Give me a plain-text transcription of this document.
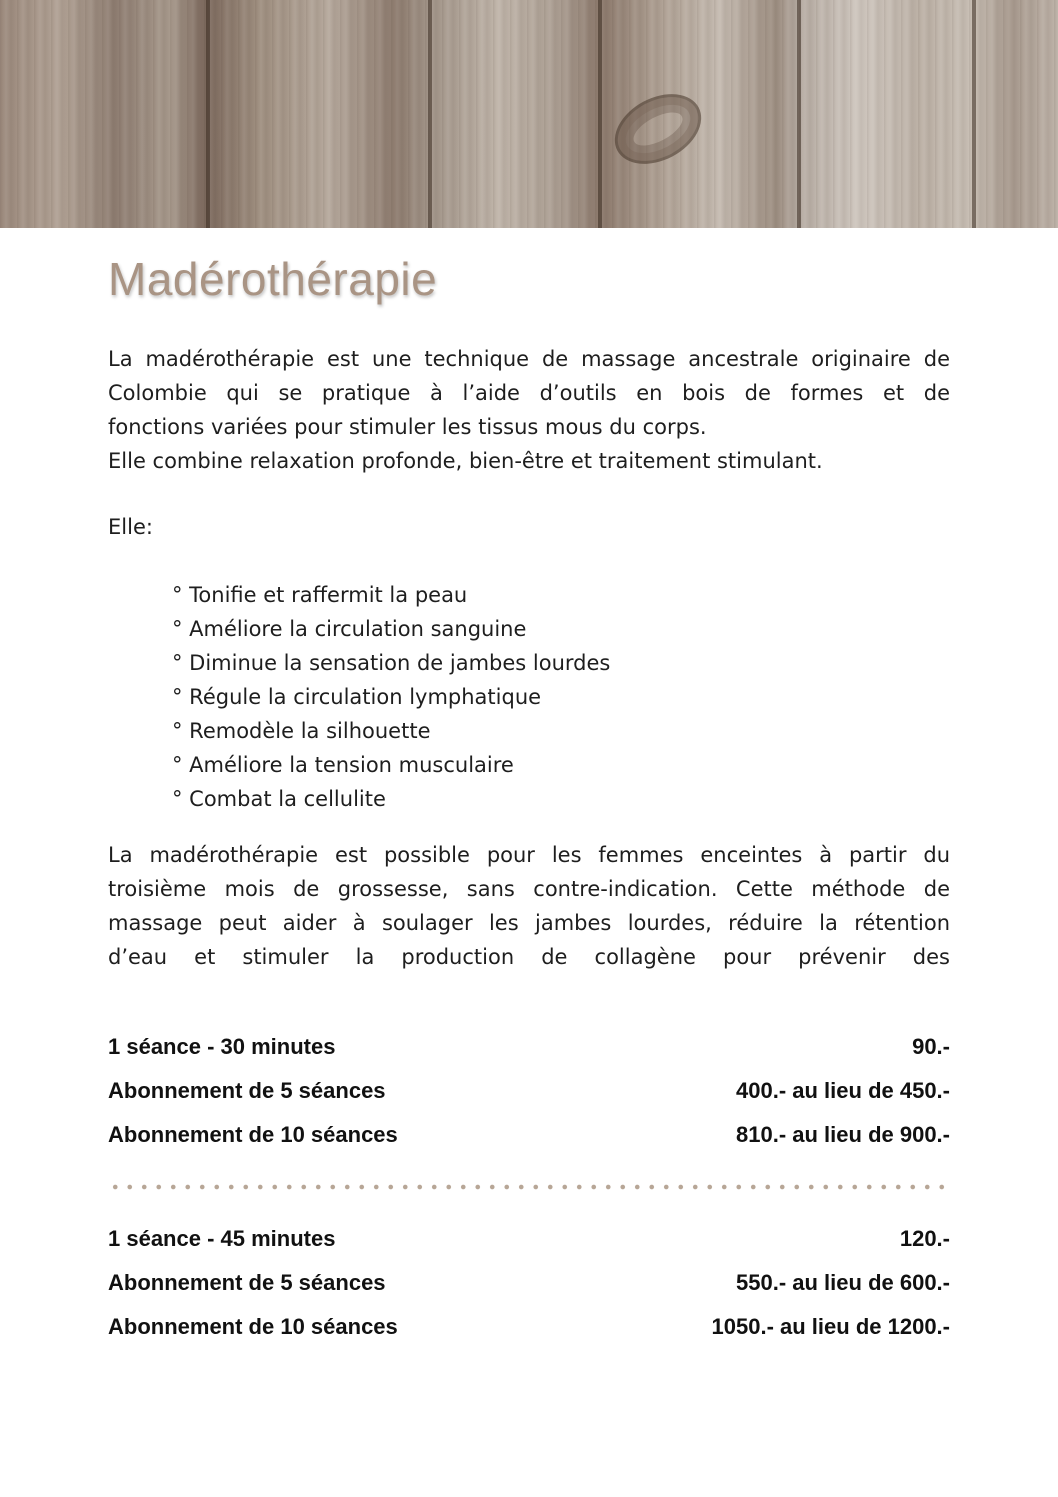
Madérothérapie
La madérothérapie est une technique de massage ancestrale originaire de
Colombie qui se pratique à l’aide d’outils en bois de formes et de
fonctions variées pour stimuler les tissus mous du corps.
Elle combine relaxation profonde, bien-être et traitement stimulant.
Elle:
° Tonifie et raffermit la peau
° Améliore la circulation sanguine
° Diminue la sensation de jambes lourdes
° Régule la circulation lymphatique
° Remodèle la silhouette
° Améliore la tension musculaire
° Combat la cellulite
La madérothérapie est possible pour les femmes enceintes à partir du
troisième mois de grossesse, sans contre-indication. Cette méthode de
massage peut aider à soulager les jambes lourdes, réduire la rétention
d’eau et stimuler la production de collagène pour prévenir des
1 séance - 30 minutes	90.-
Abonnement de 5 séances	400.- au lieu de 450.-
Abonnement de 10 séances	810.- au lieu de 900.-
1 séance - 45 minutes	120.-
Abonnement de 5 séances	550.- au lieu de 600.-
Abonnement de 10 séances	1050.- au lieu de 1200.-
